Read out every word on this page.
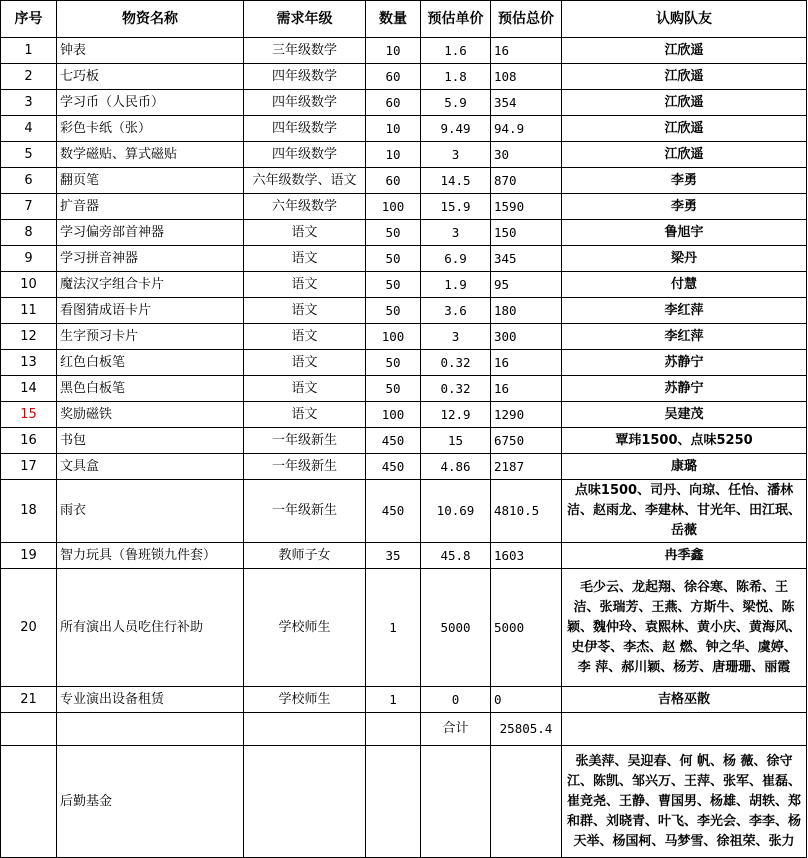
序号	物资名称	需求年级	数量	预估单价	预估总价	认购队友
1	钟表	三年级数学	10	1.6	16	江欣遥
2	七巧板	四年级数学	60	1.8	108	江欣遥
3	学习币（人民币）	四年级数学	60	5.9	354	江欣遥
4	彩色卡纸（张）	四年级数学	10	9.49	94.9	江欣遥
5	数学磁贴、算式磁贴	四年级数学	10	3	30	江欣遥
6	翻页笔	六年级数学、语文	60	14.5	870	李勇
7	扩音器	六年级数学	100	15.9	1590	李勇
8	学习偏旁部首神器	语文	50	3	150	鲁旭宇
9	学习拼音神器	语文	50	6.9	345	梁丹
10	魔法汉字组合卡片	语文	50	1.9	95	付慧
11	看图猜成语卡片	语文	50	3.6	180	李红萍
12	生字预习卡片	语文	100	3	300	李红萍
13	红色白板笔	语文	50	0.32	16	苏静宁
14	黑色白板笔	语文	50	0.32	16	苏静宁
15	奖励磁铁	语文	100	12.9	1290	吴建茂
16	书包	一年级新生	450	15	6750	覃玮1500、点味5250
17	文具盒	一年级新生	450	4.86	2187	康璐
18	雨衣	一年级新生	450	10.69	4810.5	点味1500、司丹、向琼、任怡、潘林洁、赵雨龙、李建林、甘光年、田江珉、岳薇
19	智力玩具（鲁班锁九件套）	教师子女	35	45.8	1603	冉季鑫
20	所有演出人员吃住行补助	学校师生	1	5000	5000	毛少云、龙起翔、徐谷寒、陈希、王 洁、张瑞芳、王燕、方斯牛、梁悦、陈 颖、魏仲玲、袁熙林、黄小庆、黄海风、史伊苓、李杰、赵 燃、钟之华、虞婷、李 萍、郝川颖、杨芳、唐珊珊、丽霞
21	专业演出设备租赁	学校师生	1	0	0	吉格巫散
				合计	25805.4	
	后勤基金					张美萍、吴迎春、何 帆、杨 薇、徐守江、陈凯、邹兴万、王萍、张军、崔磊、崔竞尧、王静、曹国男、杨雄、胡轶、郑和群、刘晓青、叶飞、李光会、李李、杨天举、杨国柯、马梦雪、徐祖荣、张力
